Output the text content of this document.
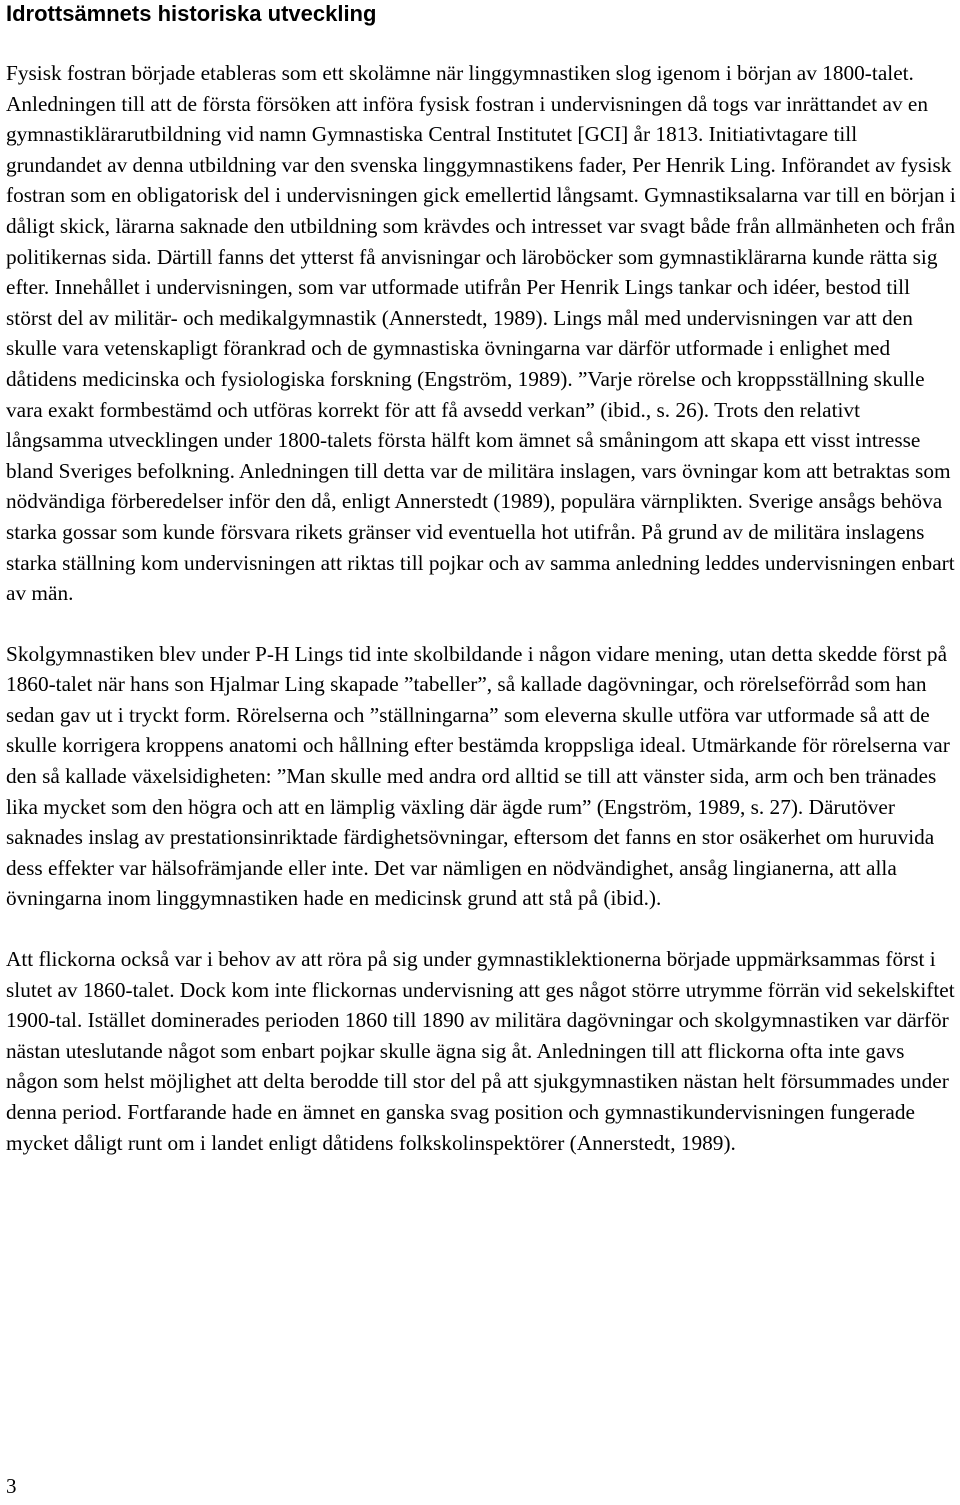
Idrottsämnets historiska utveckling

Fysisk fostran började etableras som ett skolämne när linggymnastiken slog igenom i början av 1800-talet. Anledningen till att de första försöken att införa fysisk fostran i undervisningen då togs var inrättandet av en gymnastiklärarutbildning vid namn Gymnastiska Central Institutet [GCI] år 1813. Initiativtagare till grundandet av denna utbildning var den svenska linggymnastikens fader, Per Henrik Ling. Införandet av fysisk fostran som en obligatorisk del i undervisningen gick emellertid långsamt. Gymnastiksalarna var till en början i dåligt skick, lärarna saknade den utbildning som krävdes och intresset var svagt både från allmänheten och från politikernas sida. Därtill fanns det ytterst få anvisningar och läroböcker som gymnastiklärarna kunde rätta sig efter. Innehållet i undervisningen, som var utformade utifrån Per Henrik Lings tankar och idéer, bestod till störst del av militär- och medikalgymnastik (Annerstedt, 1989). Lings mål med undervisningen var att den skulle vara vetenskapligt förankrad och de gymnastiska övningarna var därför utformade i enlighet med dåtidens medicinska och fysiologiska forskning (Engström, 1989). ”Varje rörelse och kroppsställning skulle vara exakt formbestämd och utföras korrekt för att få avsedd verkan” (ibid., s. 26). Trots den relativt långsamma utvecklingen under 1800-talets första hälft kom ämnet så småningom att skapa ett visst intresse bland Sveriges befolkning. Anledningen till detta var de militära inslagen, vars övningar kom att betraktas som nödvändiga förberedelser inför den då, enligt Annerstedt (1989), populära värnplikten. Sverige ansågs behöva starka gossar som kunde försvara rikets gränser vid eventuella hot utifrån. På grund av de militära inslagens starka ställning kom undervisningen att riktas till pojkar och av samma anledning leddes undervisningen enbart av män.

Skolgymnastiken blev under P-H Lings tid inte skolbildande i någon vidare mening, utan detta skedde först på 1860-talet när hans son Hjalmar Ling skapade ”tabeller”, så kallade dagövningar, och rörelseförråd som han sedan gav ut i tryckt form. Rörelserna och ”ställningarna” som eleverna skulle utföra var utformade så att de skulle korrigera kroppens anatomi och hållning efter bestämda kroppsliga ideal. Utmärkande för rörelserna var den så kallade växelsidigheten: ”Man skulle med andra ord alltid se till att vänster sida, arm och ben tränades lika mycket som den högra och att en lämplig växling där ägde rum” (Engström, 1989, s. 27). Därutöver saknades inslag av prestationsinriktade färdighetsövningar, eftersom det fanns en stor osäkerhet om huruvida dess effekter var hälsofrämjande eller inte. Det var nämligen en nödvändighet, ansåg lingianerna, att alla övningarna inom linggymnastiken hade en medicinsk grund att stå på (ibid.).

Att flickorna också var i behov av att röra på sig under gymnastiklektionerna började uppmärksammas först i slutet av 1860-talet. Dock kom inte flickornas undervisning att ges något större utrymme förrän vid sekelskiftet 1900-tal. Istället dominerades perioden 1860 till 1890 av militära dagövningar och skolgymnastiken var därför nästan uteslutande något som enbart pojkar skulle ägna sig åt. Anledningen till att flickorna ofta inte gavs någon som helst möjlighet att delta berodde till stor del på att sjukgymnastiken nästan helt försummades under denna period. Fortfarande hade en ämnet en ganska svag position och gymnastikundervisningen fungerade mycket dåligt runt om i landet enligt dåtidens folkskolinspektörer (Annerstedt, 1989).

3
